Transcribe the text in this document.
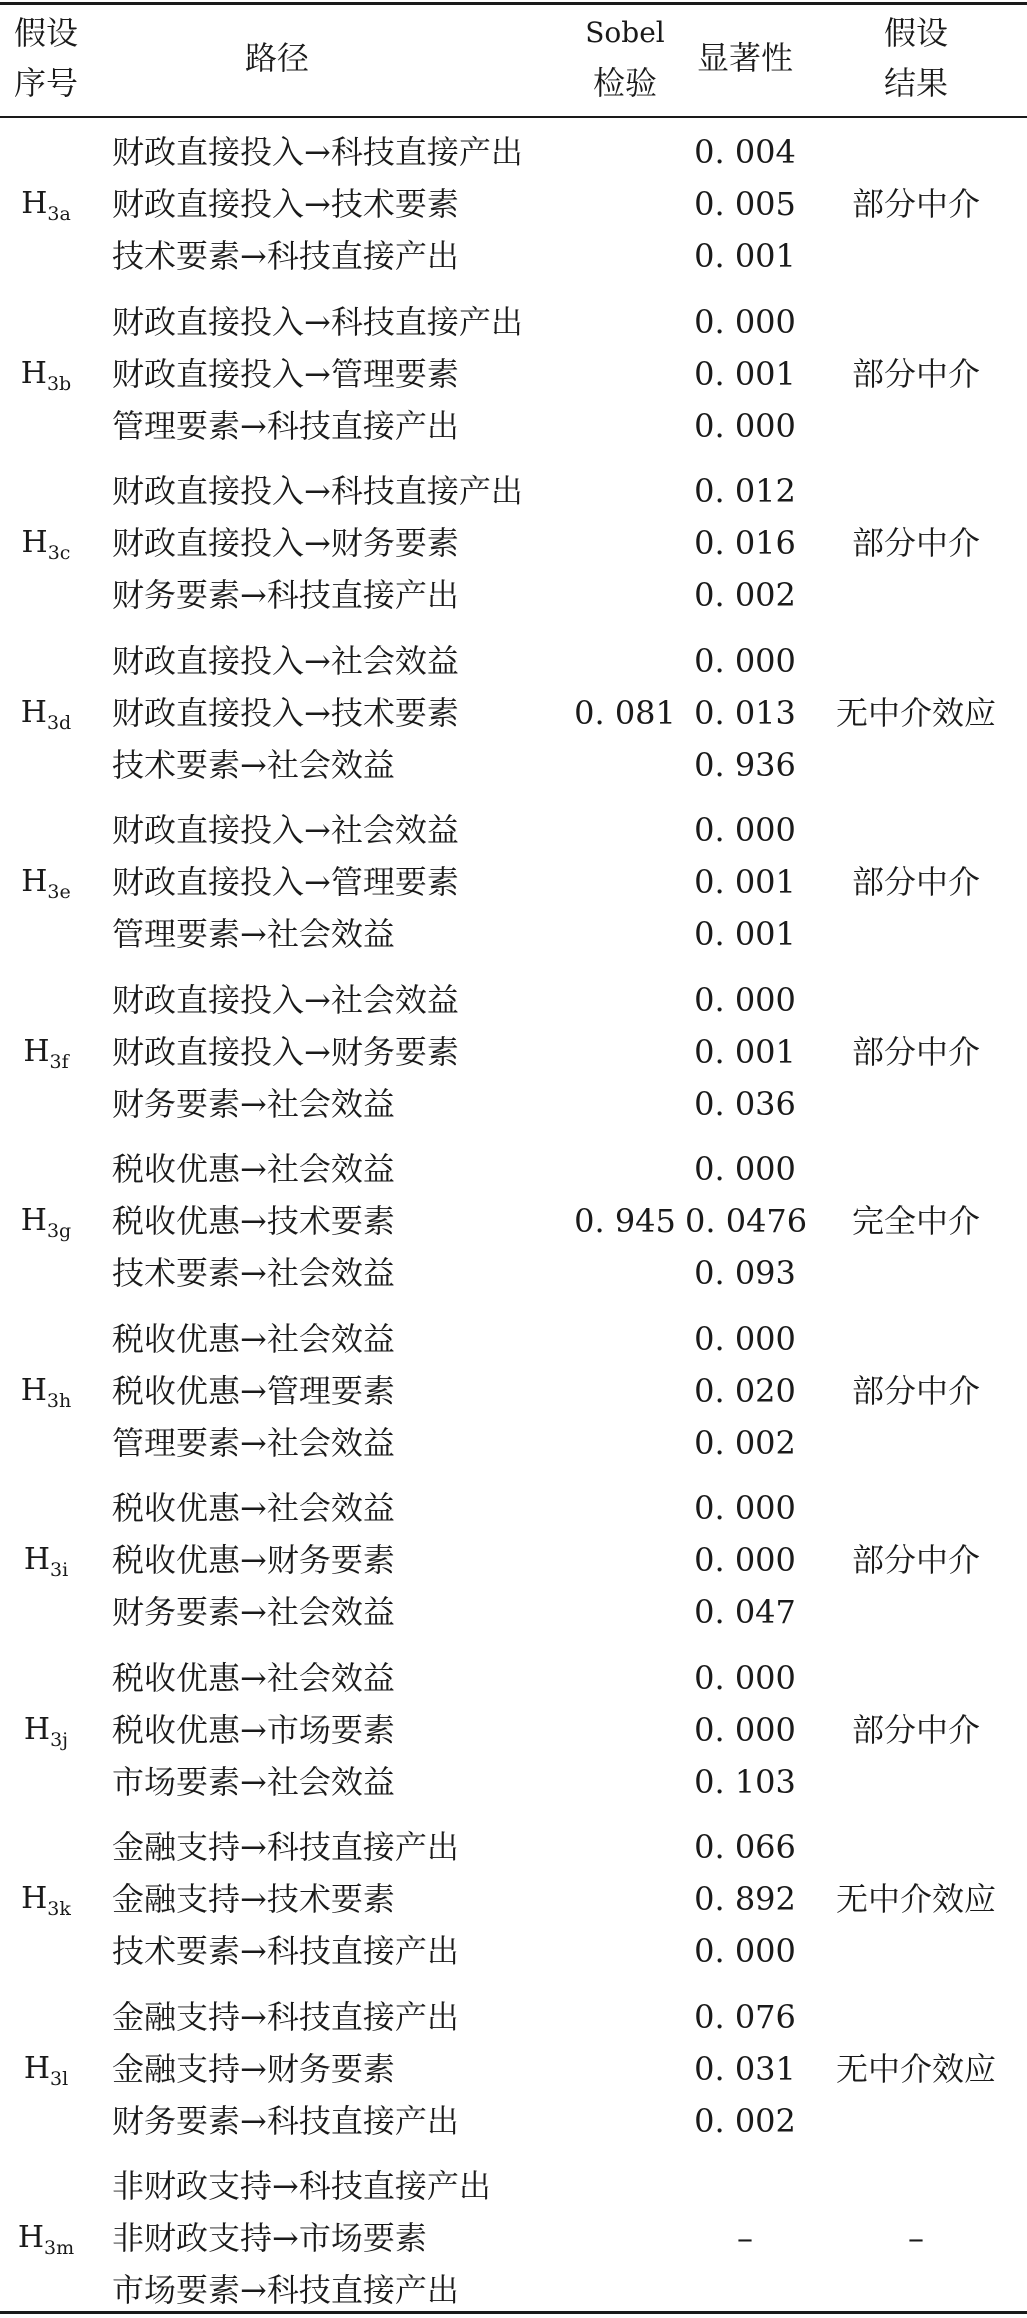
假设
序号
路径
Sobel
检验
显著性
假设
结果
$H_{3a}$
财政直接投入→科技直接产出
财政直接投入→技术要素
技术要素→科技直接产出
0. 004
0. 005
0. 001
部分中介
$H_{3b}$
财政直接投入→科技直接产出
财政直接投入→管理要素
管理要素→科技直接产出
0. 000
0. 001
0. 000
部分中介
$H_{3c}$
财政直接投入→科技直接产出
财政直接投入→财务要素
财务要素→科技直接产出
0. 012
0. 016
0. 002
部分中介
$H_{3d}$
财政直接投入→社会效益
财政直接投入→技术要素
技术要素→社会效益
0. 081
0. 000
0. 013
0. 936
无中介效应
$H_{3e}$
财政直接投入→社会效益
财政直接投入→管理要素
管理要素→社会效益
0. 000
0. 001
0. 001
部分中介
$H_{3f}$
财政直接投入→社会效益
财政直接投入→财务要素
财务要素→社会效益
0. 000
0. 001
0. 036
部分中介
$H_{3g}$
税收优惠→社会效益
税收优惠→技术要素
技术要素→社会效益
0. 945
0. 000
0. 0476
0. 093
完全中介
$H_{3h}$
税收优惠→社会效益
税收优惠→管理要素
管理要素→社会效益
0. 000
0. 020
0. 002
部分中介
$H_{3i}$
税收优惠→社会效益
税收优惠→财务要素
财务要素→社会效益
0. 000
0. 000
0. 047
部分中介
$H_{3j}$
税收优惠→社会效益
税收优惠→市场要素
市场要素→社会效益
0. 000
0. 000
0. 103
部分中介
$H_{3k}$
金融支持→科技直接产出
金融支持→技术要素
技术要素→科技直接产出
0. 066
0. 892
0. 000
无中介效应
$H_{3l}$
金融支持→科技直接产出
金融支持→财务要素
财务要素→科技直接产出
0. 076
0. 031
0. 002
无中介效应
$H_{3m}$
非财政支持→科技直接产出
非财政支持→市场要素
市场要素→科技直接产出
–	–
